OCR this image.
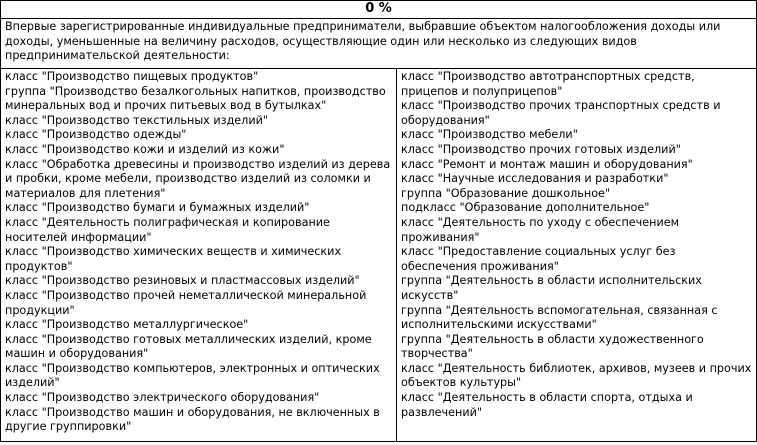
0 %
Впервые зарегистрированные индивидуальные предприниматели, выбравшие объектом налогообложения доходы или доходы, уменьшенные на величину расходов, осуществляющие один или несколько из следующих видов предпринимательской деятельности:

класс "Производство пищевых продуктов"
группа "Производство безалкогольных напитков, производство минеральных вод и прочих питьевых вод в бутылках"
класс "Производство текстильных изделий"
класс "Производство одежды"
класс "Производство кожи и изделий из кожи"
класс "Обработка древесины и производство изделий из дерева и пробки, кроме мебели, производство изделий из соломки и материалов для плетения"
класс "Производство бумаги и бумажных изделий"
класс "Деятельность полиграфическая и копирование носителей информации"
класс "Производство химических веществ и химических продуктов"
класс "Производство резиновых и пластмассовых изделий"
класс "Производство прочей неметаллической минеральной продукции"
класс "Производство металлургическое"
класс "Производство готовых металлических изделий, кроме машин и оборудования"
класс "Производство компьютеров, электронных и оптических изделий"
класс "Производство электрического оборудования"
класс "Производство машин и оборудования, не включенных в другие группировки"

класс "Производство автотранспортных средств, прицепов и полуприцепов"
класс "Производство прочих транспортных средств и оборудования"
класс "Производство мебели"
класс "Производство прочих готовых изделий"
класс "Ремонт и монтаж машин и оборудования"
класс "Научные исследования и разработки"
группа "Образование дошкольное"
подкласс "Образование дополнительное"
класс "Деятельность по уходу с обеспечением проживания"
класс "Предоставление социальных услуг без обеспечения проживания"
группа "Деятельность в области исполнительских искусств"
группа "Деятельность вспомогательная, связанная с исполнительскими искусствами"
группа "Деятельность в области художественного творчества"
класс "Деятельность библиотек, архивов, музеев и прочих объектов культуры"
класс "Деятельность в области спорта, отдыха и развлечений"
